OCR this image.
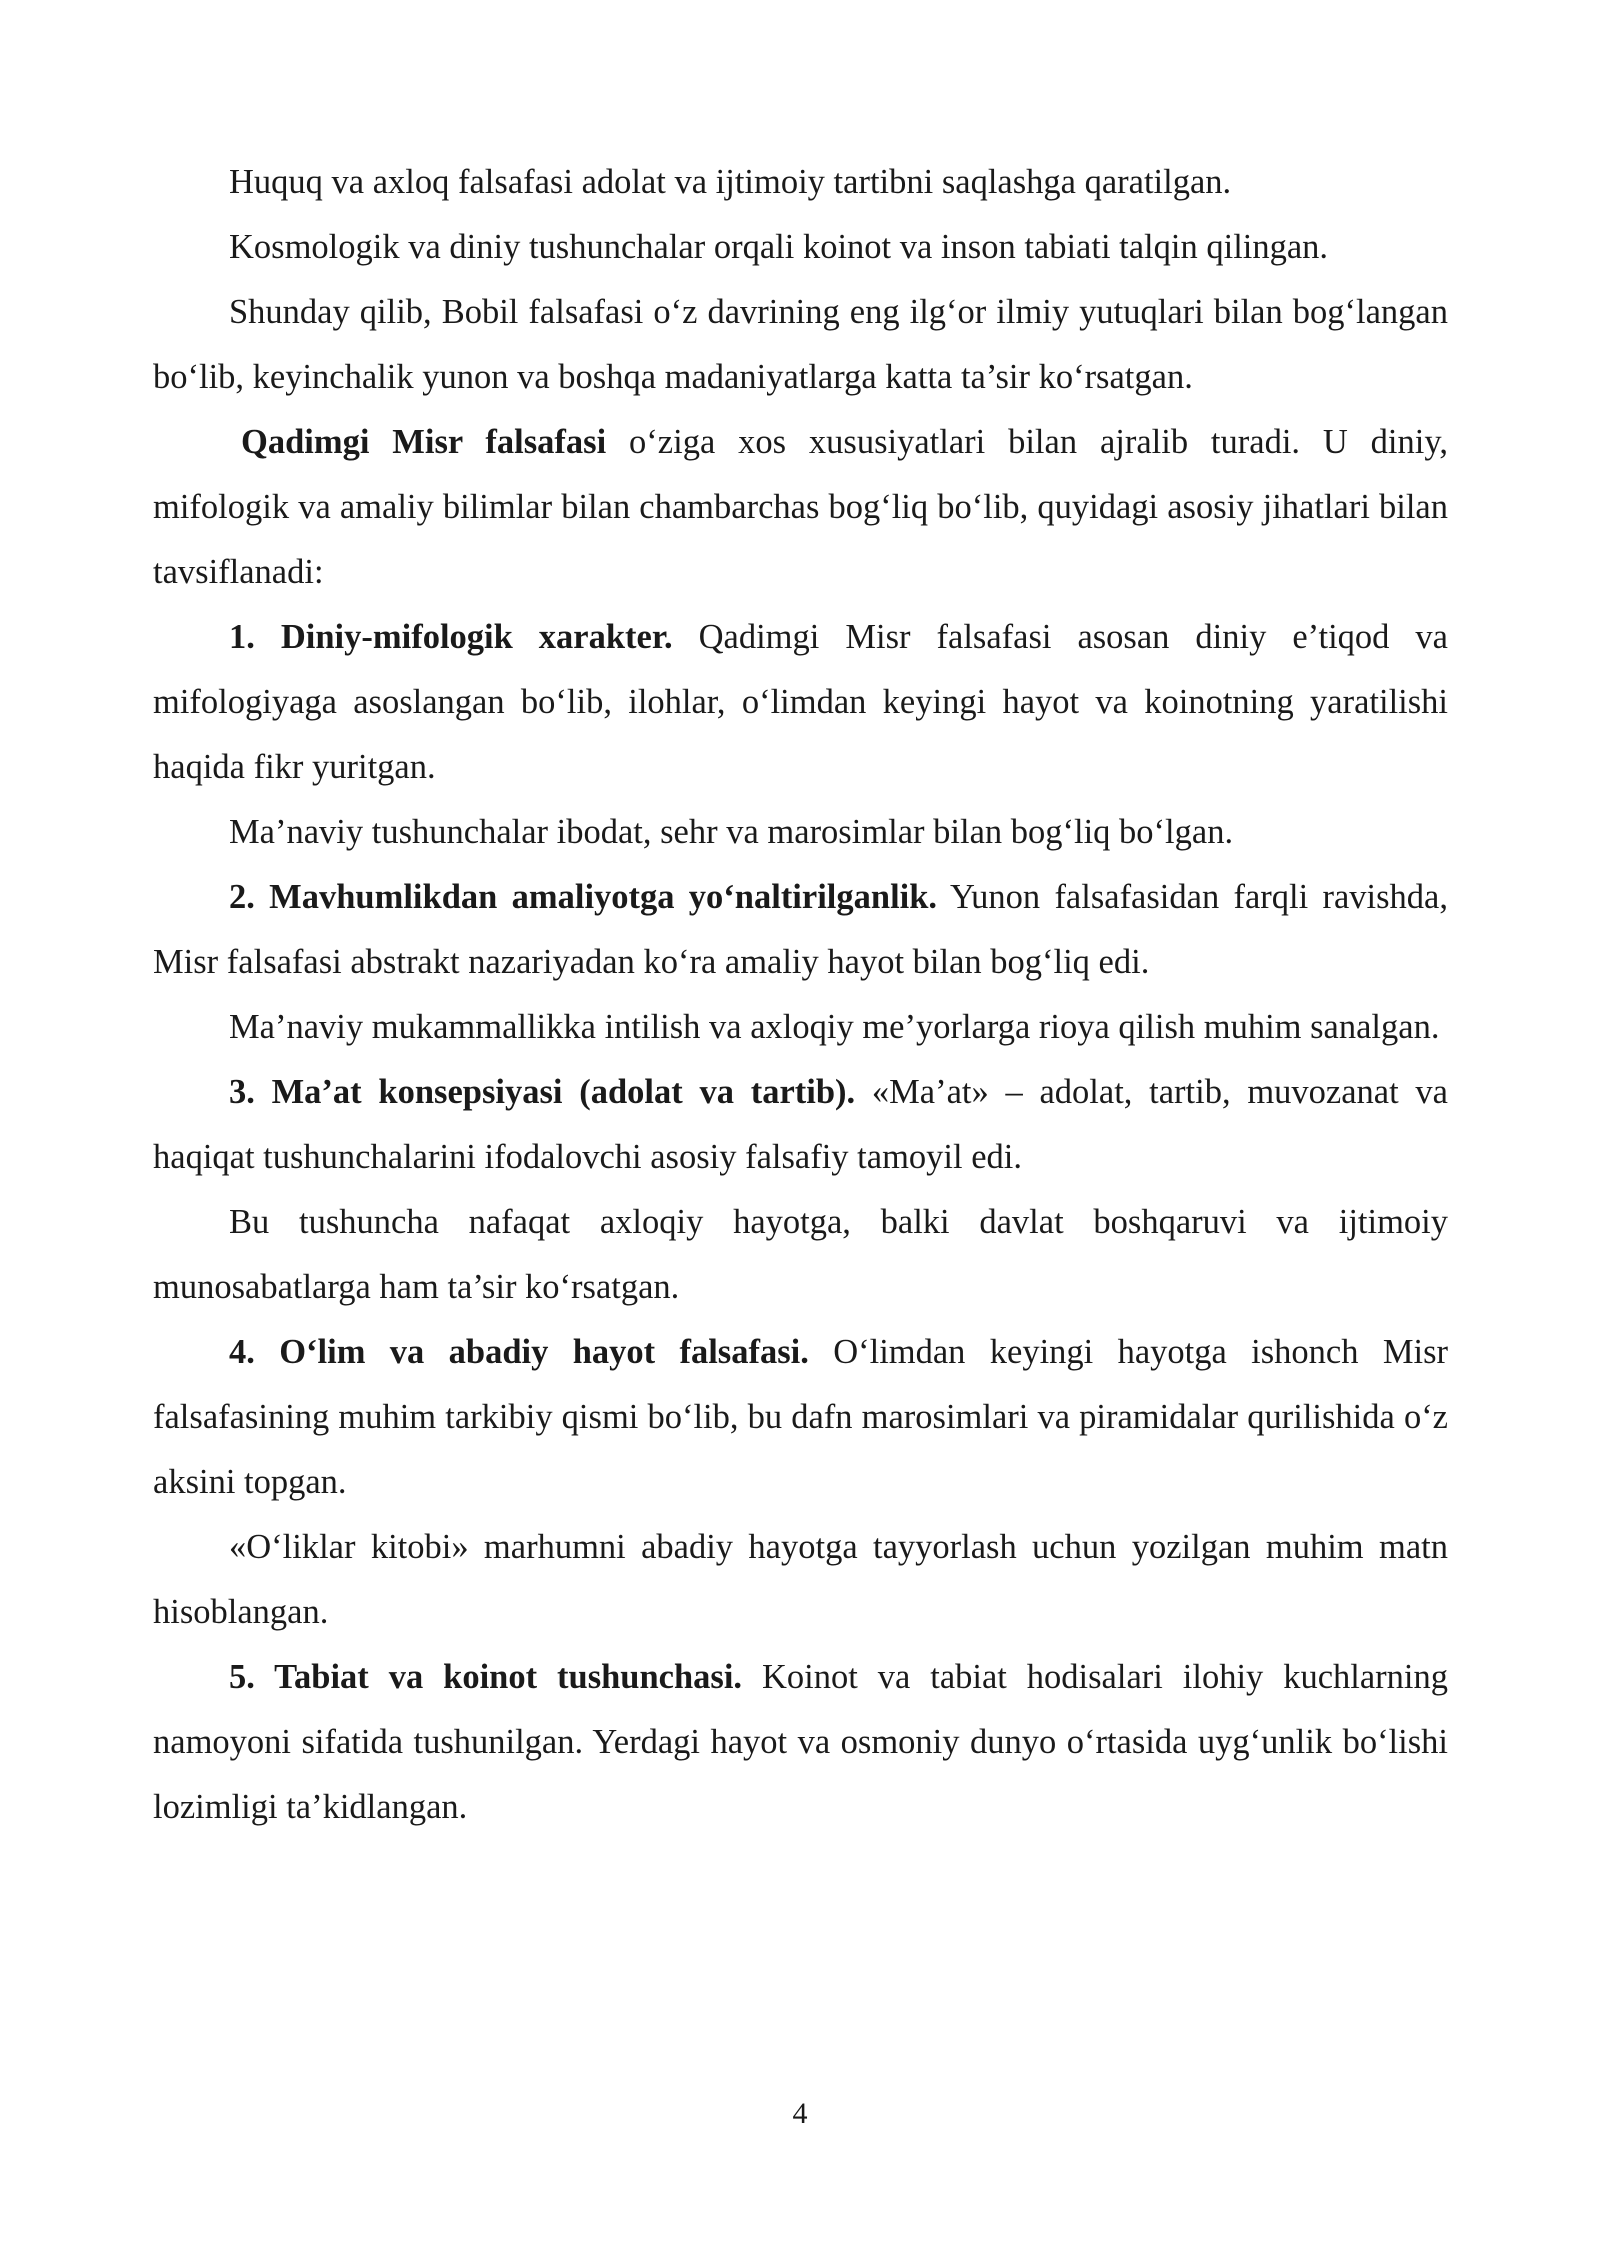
Huquq va axloq falsafasi adolat va ijtimoiy tartibni saqlashga qaratilgan.

Kosmologik va diniy tushunchalar orqali koinot va inson tabiati talqin qilingan.

Shunday qilib, Bobil falsafasi o‘z davrining eng ilg‘or ilmiy yutuqlari bilan bog‘langan bo‘lib, keyinchalik yunon va boshqa madaniyatlarga katta ta’sir ko‘rsatgan.

Qadimgi Misr falsafasi o‘ziga xos xususiyatlari bilan ajralib turadi. U diniy, mifologik va amaliy bilimlar bilan chambarchas bog‘liq bo‘lib, quyidagi asosiy jihatlari bilan tavsiflanadi:

1. Diniy-mifologik xarakter. Qadimgi Misr falsafasi asosan diniy e’tiqod va mifologiyaga asoslangan bo‘lib, ilohlar, o‘limdan keyingi hayot va koinotning yaratilishi haqida fikr yuritgan.

Ma’naviy tushunchalar ibodat, sehr va marosimlar bilan bog‘liq bo‘lgan.

2. Mavhumlikdan amaliyotga yo‘naltirilganlik. Yunon falsafasidan farqli ravishda, Misr falsafasi abstrakt nazariyadan ko‘ra amaliy hayot bilan bog‘liq edi.

Ma’naviy mukammallikka intilish va axloqiy me’yorlarga rioya qilish muhim sanalgan.

3. Ma’at konsepsiyasi (adolat va tartib). «Ma’at» – adolat, tartib, muvozanat va haqiqat tushunchalarini ifodalovchi asosiy falsafiy tamoyil edi.

Bu tushuncha nafaqat axloqiy hayotga, balki davlat boshqaruvi va ijtimoiy munosabatlarga ham ta’sir ko‘rsatgan.

4. O‘lim va abadiy hayot falsafasi. O‘limdan keyingi hayotga ishonch Misr falsafasining muhim tarkibiy qismi bo‘lib, bu dafn marosimlari va piramidalar qurilishida o‘z aksini topgan.

«O‘liklar kitobi» marhumni abadiy hayotga tayyorlash uchun yozilgan muhim matn hisoblangan.

5. Tabiat va koinot tushunchasi. Koinot va tabiat hodisalari ilohiy kuchlarning namoyoni sifatida tushunilgan. Yerdagi hayot va osmoniy dunyo o‘rtasida uyg‘unlik bo‘lishi lozimligi ta’kidlangan.

4
